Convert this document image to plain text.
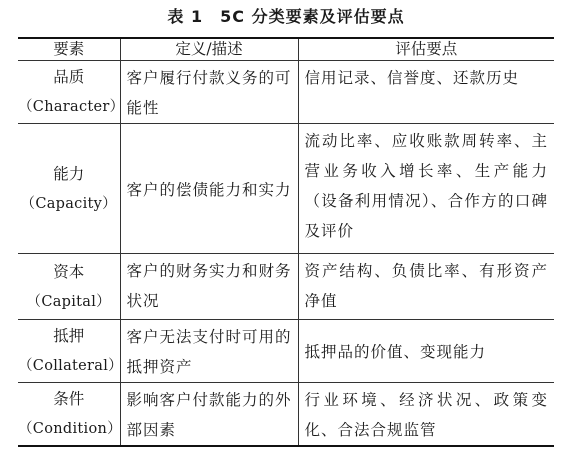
表 1　5C 分类要素及评估要点
要素	定义/描述	评估要点
品质
（Character）	客户履行付款义务的可能性	信用记录、信誉度、还款历史
能力
（Capacity）	客户的偿债能力和实力	流动比率、应收账款周转率、主营业务收入增长率、生产能力（设备利用情况）、合作方的口碑及评价
资本
（Capital）	客户的财务实力和财务状况	资产结构、负债比率、有形资产净值
抵押
（Collateral）	客户无法支付时可用的抵押资产	抵押品的价值、变现能力
条件
（Condition）	影响客户付款能力的外部因素	行业环境、经济状况、政策变化、合法合规监管
